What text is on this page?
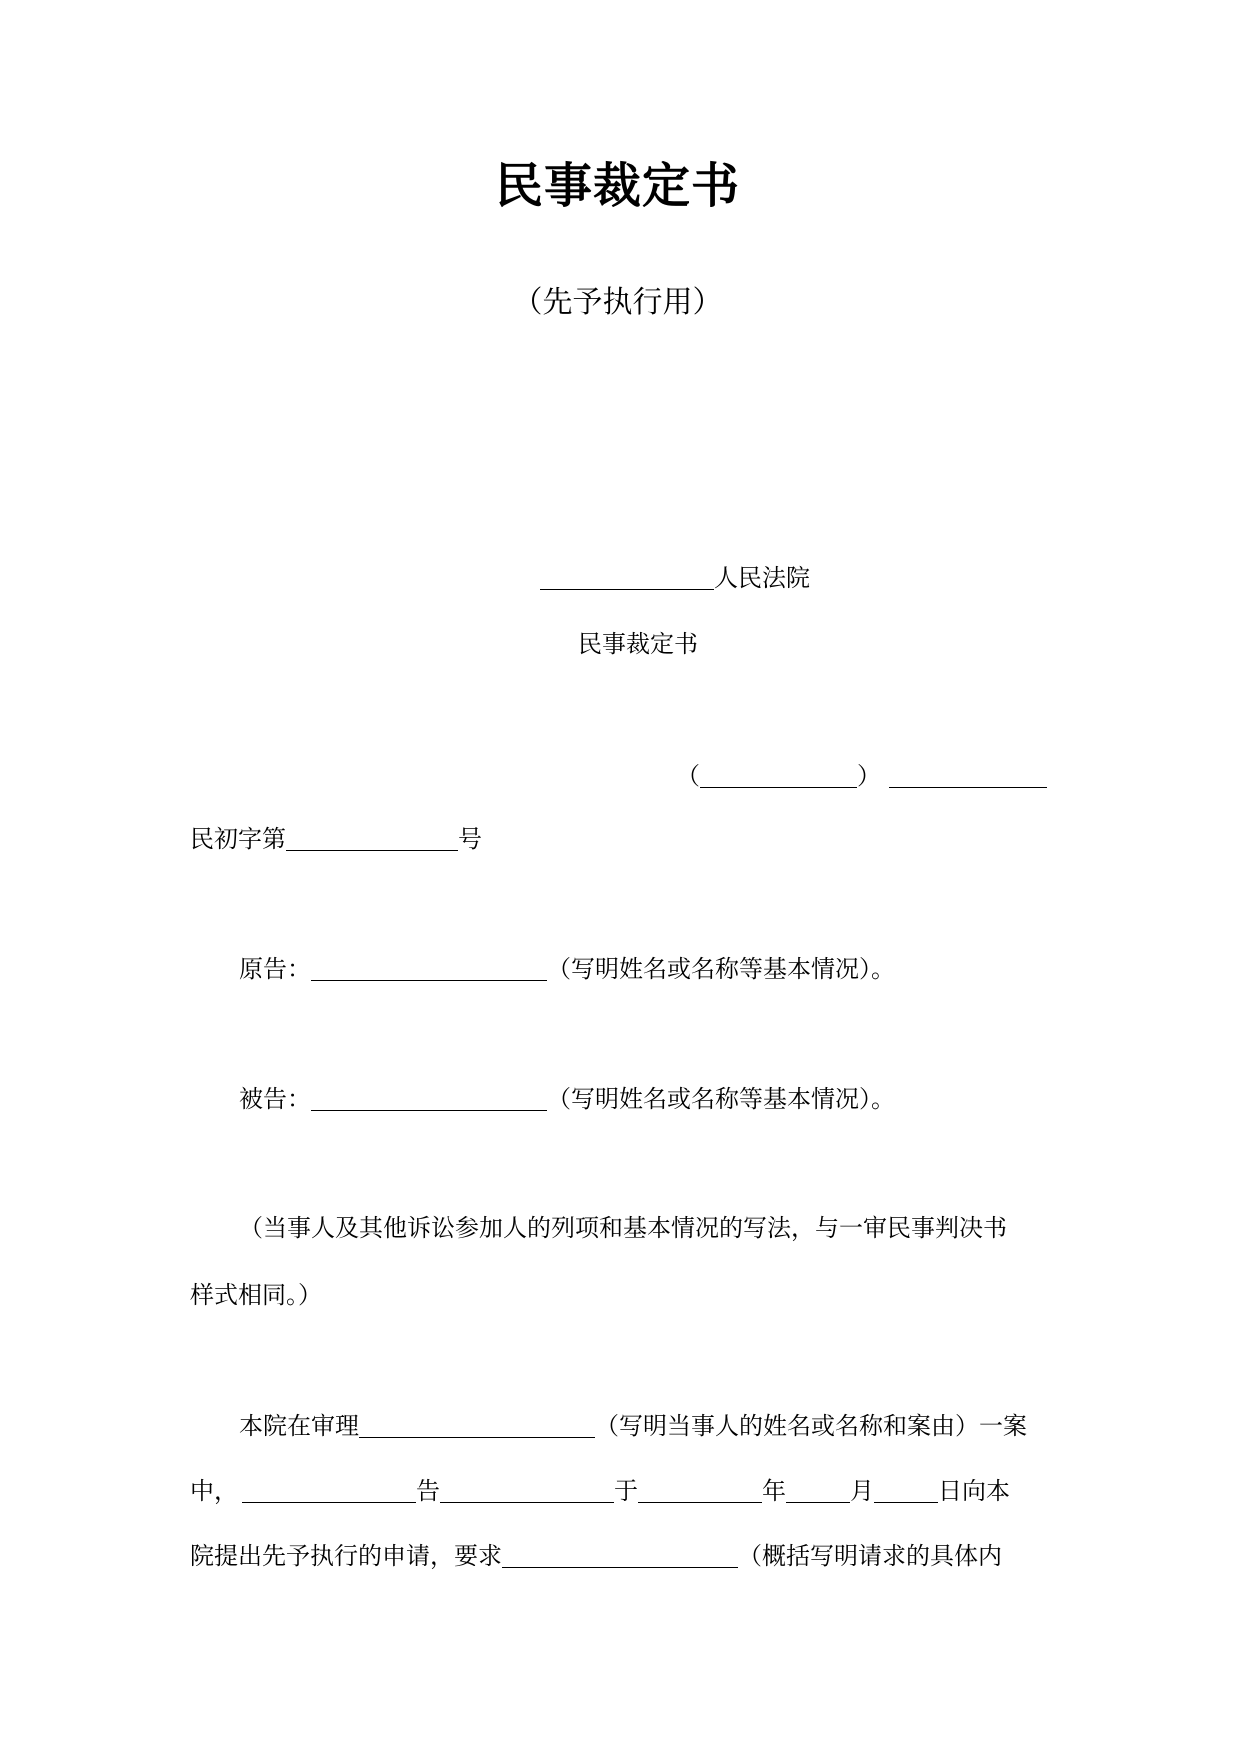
民事裁定书
（先予执行用）
人民法院
民事裁定书
（	）
民初字第	号
原告：	（写明姓名或名称等基本情况）。
被告：	（写明姓名或名称等基本情况）。
（当事人及其他诉讼参加人的列项和基本情况的写法，与一审民事判决书
样式相同。）
本院在审理	（写明当事人的姓名或名称和案由）一案
中，	告	于	年	月	日向本
院提出先予执行的申请，要求	（概括写明请求的具体内
